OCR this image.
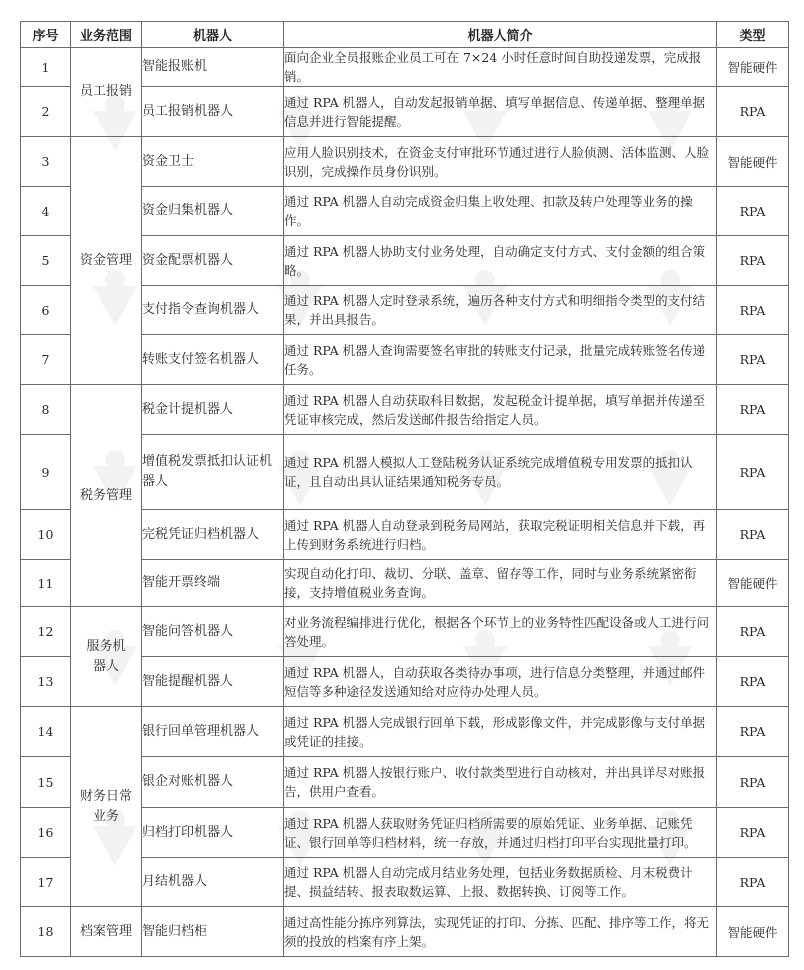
序号	业务范围	机器人	机器人简介	类型
1	员工报销	智能报账机	面向企业全员报账企业员工可在 7×24 小时任意时间自助投递发票，完成报销。	智能硬件
2		员工报销机器人	通过 RPA 机器人，自动发起报销单据、填写单据信息、传递单据、整理单据信息并进行智能提醒。	RPA
3	资金管理	资金卫士	应用人脸识别技术，在资金支付审批环节通过进行人脸侦测、活体监测、人脸识别，完成操作员身份识别。	智能硬件
4		资金归集机器人	通过 RPA 机器人自动完成资金归集上收处理、扣款及转户处理等业务的操作。	RPA
5		资金配票机器人	通过 RPA 机器人协助支付业务处理，自动确定支付方式、支付金额的组合策略。	RPA
6		支付指令查询机器人	通过 RPA 机器人定时登录系统，遍历各种支付方式和明细指令类型的支付结果，并出具报告。	RPA
7		转账支付签名机器人	通过 RPA 机器人查询需要签名审批的转账支付记录，批量完成转账签名传递任务。	RPA
8	税务管理	税金计提机器人	通过 RPA 机器人自动获取科目数据，发起税金计提单据，填写单据并传递至凭证审核完成，然后发送邮件报告给指定人员。	RPA
9		增值税发票抵扣认证机器人	通过 RPA 机器人模拟人工登陆税务认证系统完成增值税专用发票的抵扣认证，且自动出具认证结果通知税务专员。	RPA
10		完税凭证归档机器人	通过 RPA 机器人自动登录到税务局网站，获取完税证明相关信息并下载，再上传到财务系统进行归档。	RPA
11		智能开票终端	实现自动化打印、裁切、分联、盖章、留存等工作，同时与业务系统紧密衔接，支持增值税业务查询。	智能硬件
12	服务机器人	智能问答机器人	对业务流程编排进行优化，根据各个环节上的业务特性匹配设备或人工进行问答处理。	RPA
13		智能提醒机器人	通过 RPA 机器人，自动获取各类待办事项，进行信息分类整理，并通过邮件短信等多种途径发送通知给对应待办处理人员。	RPA
14	财务日常业务	银行回单管理机器人	通过 RPA 机器人完成银行回单下载，形成影像文件，并完成影像与支付单据或凭证的挂接。	RPA
15		银企对账机器人	通过 RPA 机器人按银行账户、收付款类型进行自动核对，并出具详尽对账报告，供用户查看。	RPA
16		归档打印机器人	通过 RPA 机器人获取财务凭证归档所需要的原始凭证、业务单据、记账凭证、银行回单等归档材料，统一存放，并通过归档打印平台实现批量打印。	RPA
17		月结机器人	通过 RPA 机器人自动完成月结业务处理，包括业务数据质检、月末税费计提、损益结转、报表取数运算、上报、数据转换、订阅等工作。	RPA
18	档案管理	智能归档柜	通过高性能分拣序列算法，实现凭证的打印、分拣、匹配、排序等工作，将无须的投放的档案有序上架。	智能硬件
